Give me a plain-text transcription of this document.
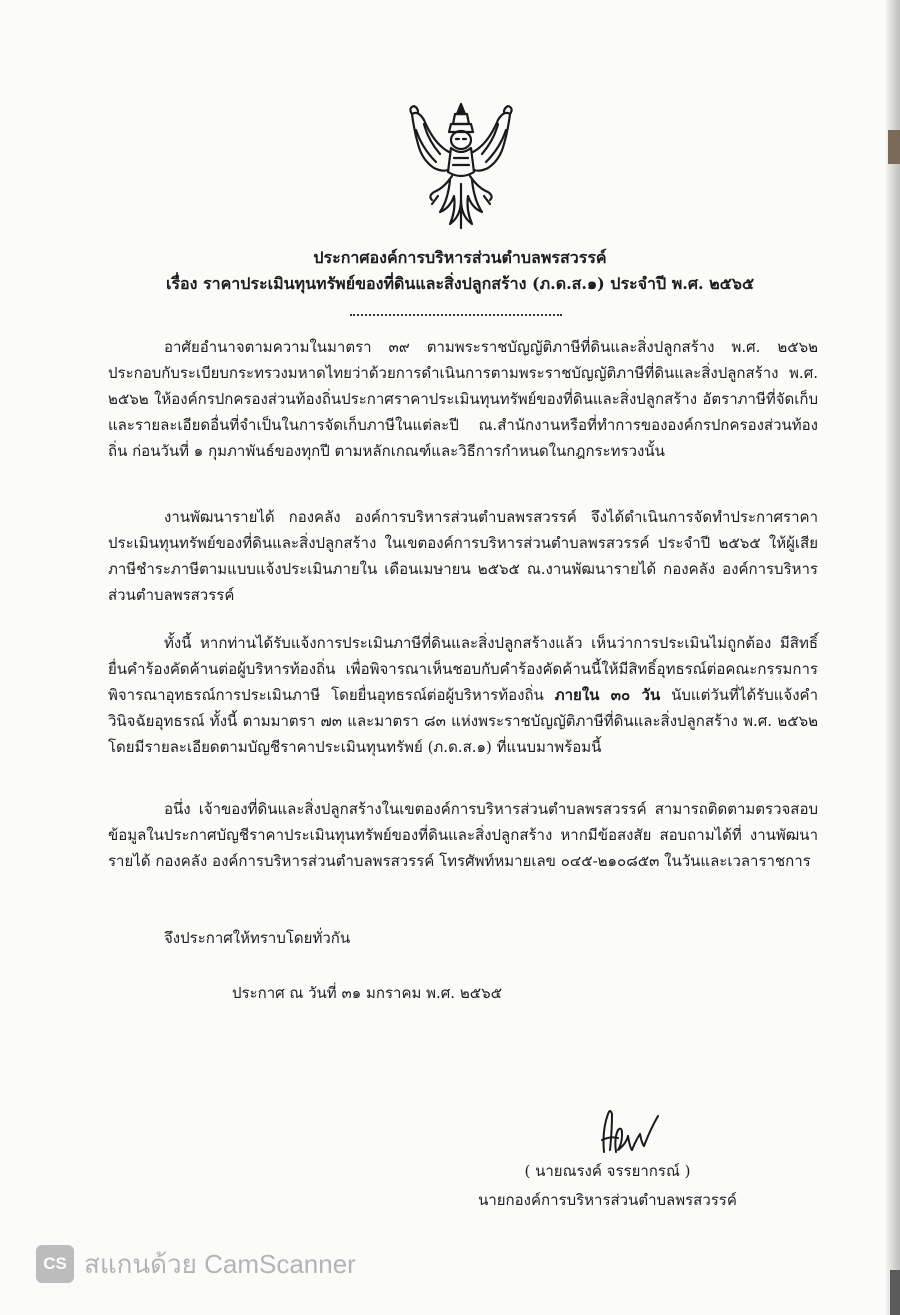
ประกาศองค์การบริหารส่วนตำบลพรสวรรค์
เรื่อง ราคาประเมินทุนทรัพย์ของที่ดินและสิ่งปลูกสร้าง (ภ.ด.ส.๑) ประจำปี พ.ศ. ๒๕๖๕
อาศัยอำนาจตามความในมาตรา ๓๙ ตามพระราชบัญญัติภาษีที่ดินและสิ่งปลูกสร้าง พ.ศ. ๒๕๖๒ ประกอบกับระเบียบกระทรวงมหาดไทยว่าด้วยการดำเนินการตามพระราชบัญญัติภาษีที่ดินและสิ่งปลูกสร้าง พ.ศ. ๒๕๖๒ ให้องค์กรปกครองส่วนท้องถิ่นประกาศราคาประเมินทุนทรัพย์ของที่ดินและสิ่งปลูกสร้าง อัตราภาษีที่จัดเก็บและรายละเอียดอื่นที่จำเป็นในการจัดเก็บภาษีในแต่ละปี ณ.สำนักงานหรือที่ทำการขององค์กรปกครองส่วนท้องถิ่น ก่อนวันที่ ๑ กุมภาพันธ์ของทุกปี ตามหลักเกณฑ์และวิธีการกำหนดในกฎกระทรวงนั้น
งานพัฒนารายได้ กองคลัง องค์การบริหารส่วนตำบลพรสวรรค์ จึงได้ดำเนินการจัดทำประกาศราคาประเมินทุนทรัพย์ของที่ดินและสิ่งปลูกสร้าง ในเขตองค์การบริหารส่วนตำบลพรสวรรค์ ประจำปี ๒๕๖๕ ให้ผู้เสียภาษีชำระภาษีตามแบบแจ้งประเมินภายใน เดือนเมษายน ๒๕๖๕ ณ.งานพัฒนารายได้ กองคลัง องค์การบริหารส่วนตำบลพรสวรรค์
ทั้งนี้ หากท่านได้รับแจ้งการประเมินภาษีที่ดินและสิ่งปลูกสร้างแล้ว เห็นว่าการประเมินไม่ถูกต้อง มีสิทธิ์ยื่นคำร้องคัดค้านต่อผู้บริหารท้องถิ่น เพื่อพิจารณาเห็นชอบกับคำร้องคัดค้านนี้ให้มีสิทธิ์อุทธรณ์ต่อคณะกรรมการพิจารณาอุทธรณ์การประเมินภาษี โดยยื่นอุทธรณ์ต่อผู้บริหารท้องถิ่น ภายใน ๓๐ วัน นับแต่วันที่ได้รับแจ้งคำวินิจฉัยอุทธรณ์ ทั้งนี้ ตามมาตรา ๗๓ และมาตรา ๘๓ แห่งพระราชบัญญัติภาษีที่ดินและสิ่งปลูกสร้าง พ.ศ. ๒๕๖๒ โดยมีรายละเอียดตามบัญชีราคาประเมินทุนทรัพย์ (ภ.ด.ส.๑) ที่แนบมาพร้อมนี้
อนึ่ง เจ้าของที่ดินและสิ่งปลูกสร้างในเขตองค์การบริหารส่วนตำบลพรสวรรค์ สามารถติดตามตรวจสอบข้อมูลในประกาศบัญชีราคาประเมินทุนทรัพย์ของที่ดินและสิ่งปลูกสร้าง หากมีข้อสงสัย สอบถามได้ที่ งานพัฒนารายได้ กองคลัง องค์การบริหารส่วนตำบลพรสวรรค์ โทรศัพท์หมายเลข ๐๔๕-๒๑๐๘๕๓ ในวันและเวลาราชการ
จึงประกาศให้ทราบโดยทั่วกัน
ประกาศ ณ วันที่ ๓๑ มกราคม พ.ศ. ๒๕๖๕
( นายณรงค์ จรรยากรณ์ )
นายกองค์การบริหารส่วนตำบลพรสวรรค์
CS สแกนด้วย CamScanner
